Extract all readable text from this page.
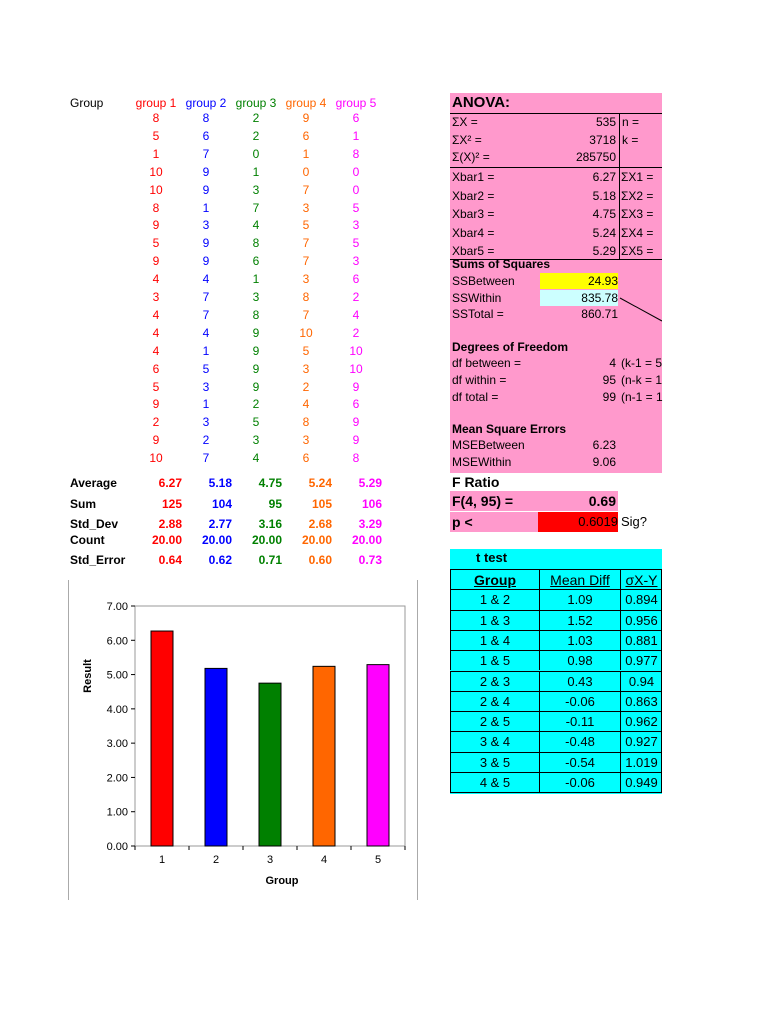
Group	group 1 group 2 group 3 group 4 group 5
8	8	2	9	6
5	6	2	6	1
1	7	0	1	8
10	9	1	0	0
10	9	3	7	0
8	1	7	3	5
9	3	4	5	3
5	9	8	7	5
9	9	6	7	3
4	4	1	3	6
3	7	3	8	2
4	7	8	7	4
4	4	9	10	2
4	1	9	5	10
6	5	9	3	10
5	3	9	2	9
9	1	2	4	6
2	3	5	8	9
9	2	3	3	9
10	7	4	6	8
Average	6.27	5.18	4.75	5.24	5.29
Sum	125	104	95	105	106
Std_Dev	2.88	2.77	3.16	2.68	3.29
Count	20.00	20.00	20.00	20.00	20.00
Std_Error	0.64	0.62	0.71	0.60	0.73
ANOVA:
ΣX =	535 n =
ΣX² =	3718 k =
Σ(X)² =	285750
Xbar1 =	6.27 ΣX1 =
Xbar2 =	5.18 ΣX2 =
Xbar3 =	4.75 ΣX3 =
Xbar4 =	5.24 ΣX4 =
Xbar5 =	5.29 ΣX5 =
Sums of Squares
SSBetween	24.93
SSWithin	835.78
SSTotal =	860.71
Degrees of Freedom
df between =	4 (k-1 = 5
df within =	95 (n-k = 1
df total =	99 (n-1 = 1
Mean Square Errors
MSEBetween	6.23
MSEWithin	9.06
F Ratio
F(4, 95) =	0.69
p <	0.6019 Sig?
t test
Group	Mean Diff	σX-Y
1 & 2	1.09	0.894
1 & 3	1.52	0.956
1 & 4	1.03	0.881
1 & 5	0.98	0.977
2 & 3	0.43	0.94
2 & 4	-0.06	0.863
2 & 5	-0.11	0.962
3 & 4	-0.48	0.927
3 & 5	-0.54	1.019
4 & 5	-0.06	0.949
0.00
1.00
2.00
3.00
4.00
5.00
6.00
7.00
1	2	3	4	5
Group
Result
